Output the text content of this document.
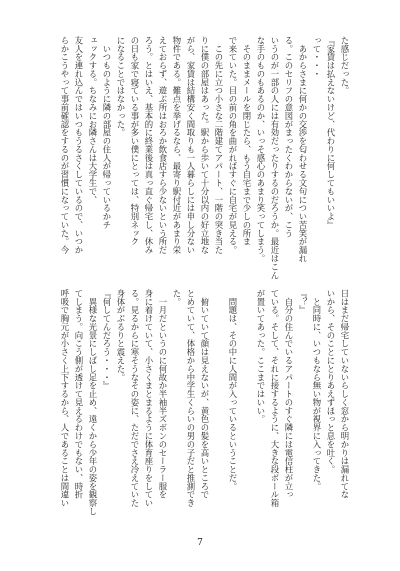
た感じだった。
『家賃は払えないけど、代わりに何してもいいよ』
って・・・
　あからさまに何かの交渉を匂わせる文句につい苦笑が漏れ
る。このセリフの意図がまったくわからないが、こう
いうのが一部の人には有効だったりするのだろうか。最近はこん
な手のものもあるのか、いっそ感心のあまり笑ってしまう。
　そのままメールを閉じたら、もう自宅まで少しの所ま
で来ていた。目の前の角を曲がればすぐに自宅が見える。
　この先に立つ小さな二階建てアパート、一階の突き当た
りに僕の部屋はあった。駅から歩いて十分以内の好立地な
がら、家賃は結構安く間取りも一人暮らしには申し分ない
物件である。難点を挙げるなら、最寄り駅付近があまり栄
えておらず、遊ぶ所はおろか飲食店すら少ないという所だ
ろう。とはいえ、基本的に終業後は真っ直ぐ帰宅し、休み
の日も家で寝ている事が多い僕にとっては、特別ネック
になることではなかった。
　いつものように隣の部屋の住人が帰っているかチ
ェックする。ちなみにお隣さんは大学生で、
友人を連れ込んではいつもうるさくしているので、いつか
らかこうやって事前確認をするのが習慣になっていた。今
日はまだ帰宅していないらしく窓から明かりは漏れてな
いから、そのことにとりあえずほっと息を吐く。
　と同時に、いつもなら無い物が視界に入ってきた。
『？』
　自分の住んでいるアパートのすぐ隣には電信柱が立っ
ている。そして、それに接するように、大きな段ボール箱
が置いてあった。ここまではいい。
　問題は、その中に人間が入っているということだ。
　俯いていて顔は見えないが、黄色の髪を高いところで
とめていて、体格から中学生くらいの男の子だと推測でき
た。
　一月だというのに何故か半袖半ズボンのセーラー服を
身に着けていて、小さくまとまるように体育座りをしてい
る。見るからに寒そうなその姿に、ただでさえ冷えていた
身体がぶるりと震えた。
『何してんだろう・・・』
　異様な光景にしばし足を止め、遠くから少年の姿を観察し
てしまう。向こう側が透けて見えるわけでもない、時折
呼吸で胸元が小さく上下するから、人であることは間違い
7
